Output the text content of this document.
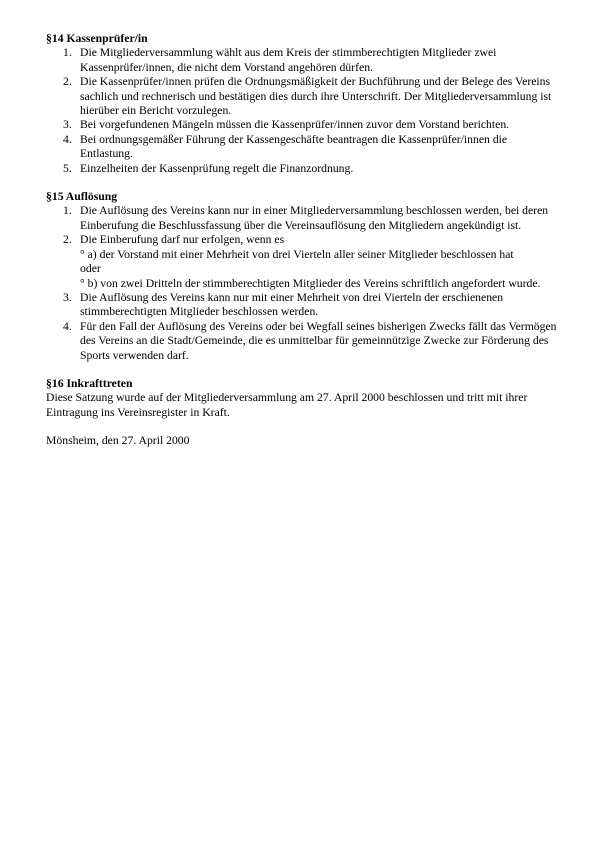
§14 Kassenprüfer/in
1. Die Mitgliederversammlung wählt aus dem Kreis der stimmberechtigten Mitglieder zwei Kassenprüfer/innen, die nicht dem Vorstand angehören dürfen.
2. Die Kassenprüfer/innen prüfen die Ordnungsmäßigkeit der Buchführung und der Belege des Vereins sachlich und rechnerisch und bestätigen dies durch ihre Unterschrift. Der Mitgliederversammlung ist hierüber ein Bericht vorzulegen.
3. Bei vorgefundenen Mängeln müssen die Kassenprüfer/innen zuvor dem Vorstand berichten.
4. Bei ordnungsgemäßer Führung der Kassengeschäfte beantragen die Kassenprüfer/innen die Entlastung.
5. Einzelheiten der Kassenprüfung regelt die Finanzordnung.
§15 Auflösung
1. Die Auflösung des Vereins kann nur in einer Mitgliederversammlung beschlossen werden, bei deren Einberufung die Beschlussfassung über die Vereinsauflösung den Mitgliedern angekündigt ist.
2. Die Einberufung darf nur erfolgen, wenn es
° a) der Vorstand mit einer Mehrheit von drei Vierteln aller seiner Mitglieder beschlossen hat
oder
° b) von zwei Dritteln der stimmberechtigten Mitglieder des Vereins schriftlich angefordert wurde.
3. Die Auflösung des Vereins kann nur mit einer Mehrheit von drei Vierteln der erschienenen stimmberechtigten Mitglieder beschlossen werden.
4. Für den Fall der Auflösung des Vereins oder bei Wegfall seines bisherigen Zwecks fällt das Vermögen des Vereins an die Stadt/Gemeinde, die es unmittelbar für gemeinnützige Zwecke zur Förderung des Sports verwenden darf.
§16 Inkrafttreten

Diese Satzung wurde auf der Mitgliederversammlung am 27. April 2000 beschlossen und tritt mit ihrer Eintragung ins Vereinsregister in Kraft.

Mönsheim, den 27. April 2000
